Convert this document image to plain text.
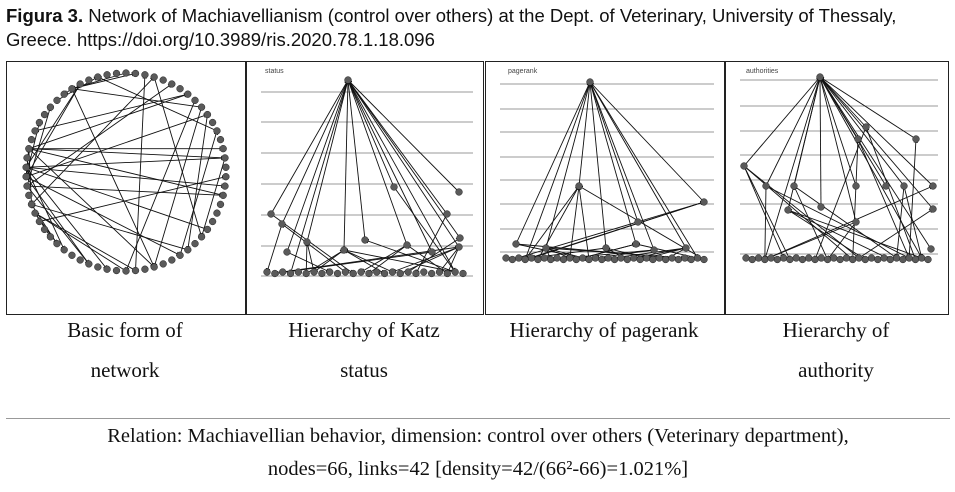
Figura 3. Network of Machiavellianism (control over others) at the Dept. of Veterinary, University of Thessaly, Greece. https://doi.org/10.3989/ris.2020.78.1.18.096
status	pagerank	authorities
Basic form of
network
Hierarchy of Katz
status
Hierarchy of pagerank	Hierarchy of
authority
Relation: Machiavellian behavior, dimension: control over others (Veterinary department),
nodes=66, links=42 [density=42/(66²-66)=1.021%]
